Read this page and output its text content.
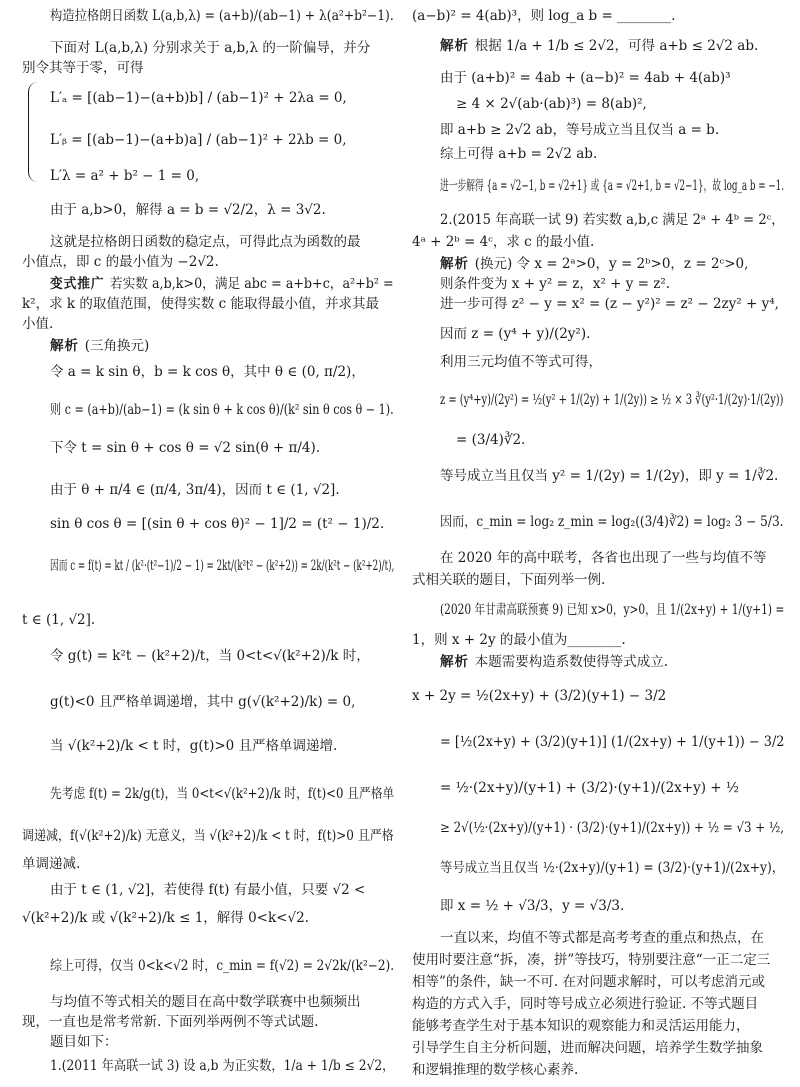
构造拉格朗日函数 L(a,b,λ) = (a+b)/(ab−1) + λ(a²+b²−1).
下面对 L(a,b,λ) 分别求关于 a,b,λ 的一阶偏导，并分
别令其等于零，可得
L′ₐ = [(ab−1)−(a+b)b] / (ab−1)² + 2λa = 0,
L′ᵦ = [(ab−1)−(a+b)a] / (ab−1)² + 2λb = 0,
L′λ = a² + b² − 1 = 0,
由于 a,b>0，解得 a = b = √2/2，λ = 3√2.
这就是拉格朗日函数的稳定点，可得此点为函数的最
小值点，即 c 的最小值为 −2√2.
变式推广 若实数 a,b,k>0，满足 abc = a+b+c，a²+b² =
k²，求 k 的取值范围，使得实数 c 能取得最小值，并求其最
小值.
解析 (三角换元)
令 a = k sin θ，b = k cos θ，其中 θ ∈ (0, π/2)，
则 c = (a+b)/(ab−1) = (k sin θ + k cos θ)/(k² sin θ cos θ − 1).
下令 t = sin θ + cos θ = √2 sin(θ + π/4).
由于 θ + π/4 ∈ (π/4, 3π/4)，因而 t ∈ (1, √2].
sin θ cos θ = [(sin θ + cos θ)² − 1]/2 = (t² − 1)/2.
因而 c = f(t) = kt / (k²·(t²−1)/2 − 1) = 2kt/(k²t² − (k²+2)) = 2k/(k²t − (k²+2)/t),
t ∈ (1, √2].
令 g(t) = k²t − (k²+2)/t，当 0<t<√(k²+2)/k 时，
g(t)<0 且严格单调递增，其中 g(√(k²+2)/k) = 0,
当 √(k²+2)/k < t 时，g(t)>0 且严格单调递增.
先考虑 f(t) = 2k/g(t)，当 0<t<√(k²+2)/k 时，f(t)<0 且严格单
调递减，f(√(k²+2)/k) 无意义，当 √(k²+2)/k < t 时，f(t)>0 且严格
单调递减.
由于 t ∈ (1, √2]，若使得 f(t) 有最小值，只要 √2 <
√(k²+2)/k 或 √(k²+2)/k ≤ 1，解得 0<k<√2.
综上可得，仅当 0<k<√2 时，c_min = f(√2) = 2√2k/(k²−2).
与均值不等式相关的题目在高中数学联赛中也频频出
现，一直也是常考常新. 下面列举两例不等式试题.
题目如下：
1.(2011 年高联一试 3) 设 a,b 为正实数，1/a + 1/b ≤ 2√2，
(a−b)² = 4(ab)³，则 log_a b = ________.
解析 根据 1/a + 1/b ≤ 2√2，可得 a+b ≤ 2√2 ab.
由于 (a+b)² = 4ab + (a−b)² = 4ab + 4(ab)³
≥ 4 × 2√(ab·(ab)³) = 8(ab)²,
即 a+b ≥ 2√2 ab，等号成立当且仅当 a = b.
综上可得 a+b = 2√2 ab.
进一步解得 {a = √2−1, b = √2+1} 或 {a = √2+1, b = √2−1}，故 log_a b = −1.
2.(2015 年高联一试 9) 若实数 a,b,c 满足 2ᵃ + 4ᵇ = 2ᶜ，
4ᵃ + 2ᵇ = 4ᶜ，求 c 的最小值.
解析 (换元) 令 x = 2ᵃ>0，y = 2ᵇ>0，z = 2ᶜ>0,
则条件变为 x + y² = z，x² + y = z².
进一步可得 z² − y = x² = (z − y²)² = z² − 2zy² + y⁴,
因而 z = (y⁴ + y)/(2y²).
利用三元均值不等式可得，
z = (y⁴+y)/(2y²) = ½(y² + 1/(2y) + 1/(2y)) ≥ ½ × 3 ∛(y²·1/(2y)·1/(2y))
= (3/4)∛2.
等号成立当且仅当 y² = 1/(2y) = 1/(2y)，即 y = 1/∛2.
因而，c_min = log₂ z_min = log₂((3/4)∛2) = log₂ 3 − 5/3.
在 2020 年的高中联考，各省也出现了一些与均值不等
式相关联的题目，下面列举一例.
(2020 年甘肃高联预赛 9) 已知 x>0，y>0，且 1/(2x+y) + 1/(y+1) =
1，则 x + 2y 的最小值为________.
解析 本题需要构造系数使得等式成立.
x + 2y = ½(2x+y) + (3/2)(y+1) − 3/2
= [½(2x+y) + (3/2)(y+1)] (1/(2x+y) + 1/(y+1)) − 3/2
= ½·(2x+y)/(y+1) + (3/2)·(y+1)/(2x+y) + ½
≥ 2√(½·(2x+y)/(y+1) · (3/2)·(y+1)/(2x+y)) + ½ = √3 + ½,
等号成立当且仅当 ½·(2x+y)/(y+1) = (3/2)·(y+1)/(2x+y)，
即 x = ½ + √3/3，y = √3/3.
一直以来，均值不等式都是高考考查的重点和热点，在
使用时要注意“拆，凑，拼”等技巧，特别要注意“一正二定三
相等”的条件，缺一不可. 在对问题求解时，可以考虑消元或
构造的方式入手，同时等号成立必须进行验证. 不等式题目
能够考查学生对于基本知识的观察能力和灵活运用能力，
引导学生自主分析问题，进而解决问题，培养学生数学抽象
和逻辑推理的数学核心素养.
